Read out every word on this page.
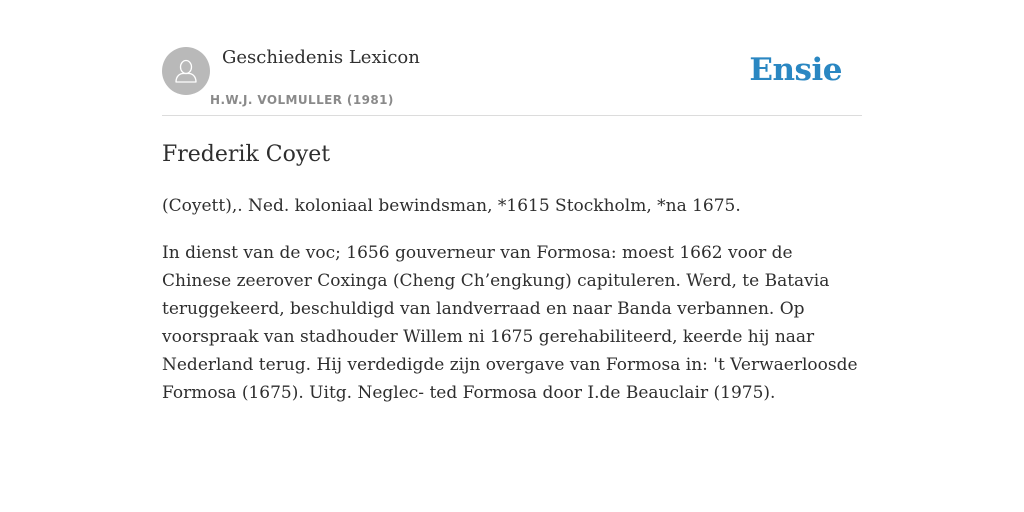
Geschiedenis Lexicon
H.W.J. VOLMULLER (1981)
Ensie
Frederik Coyet

(Coyett),. Ned. koloniaal bewindsman, *1615 Stockholm, *na 1675.

In dienst van de voc; 1656 gouverneur van Formosa: moest 1662 voor de Chinese zeerover Coxinga (Cheng Ch’engkung) capituleren. Werd, te Batavia teruggekeerd, beschuldigd van landverraad en naar Banda verbannen. Op voorspraak van stadhouder Willem ni 1675 gerehabiliteerd, keerde hij naar Nederland terug. Hij verdedigde zijn overgave van Formosa in: 't Verwaerloosde Formosa (1675). Uitg. Neglec- ted Formosa door I.de Beauclair (1975).
